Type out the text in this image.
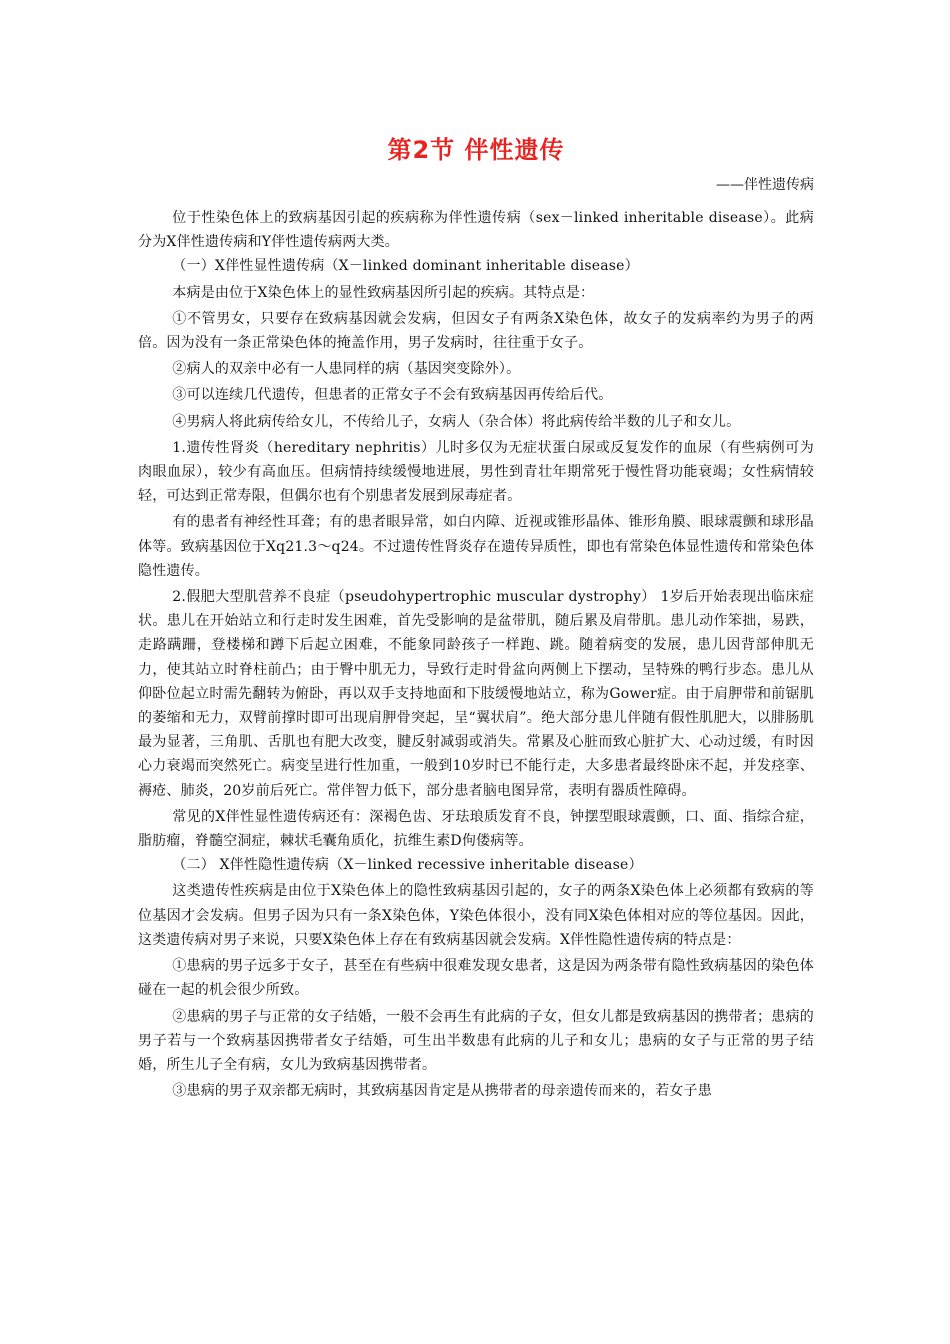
第2节 伴性遗传
——伴性遗传病

位于性染色体上的致病基因引起的疾病称为伴性遗传病（sex－linked inheritable disease）。此病分为X伴性遗传病和Y伴性遗传病两大类。

（一）X伴性显性遗传病（X－linked dominant inheritable disease）

本病是由位于X染色体上的显性致病基因所引起的疾病。其特点是：

①不管男女，只要存在致病基因就会发病，但因女子有两条X染色体，故女子的发病率约为男子的两倍。因为没有一条正常染色体的掩盖作用，男子发病时，往往重于女子。

②病人的双亲中必有一人患同样的病（基因突变除外）。

③可以连续几代遗传，但患者的正常女子不会有致病基因再传给后代。

④男病人将此病传给女儿，不传给儿子，女病人（杂合体）将此病传给半数的儿子和女儿。

1.遗传性肾炎（hereditary nephritis）儿时多仅为无症状蛋白尿或反复发作的血尿（有些病例可为肉眼血尿），较少有高血压。但病情持续缓慢地进展，男性到青壮年期常死于慢性肾功能衰竭；女性病情较轻，可达到正常寿限，但偶尔也有个别患者发展到尿毒症者。

有的患者有神经性耳聋；有的患者眼异常，如白内障、近视或锥形晶体、锥形角膜、眼球震颤和球形晶体等。致病基因位于Xq21.3～q24。不过遗传性肾炎存在遗传异质性，即也有常染色体显性遗传和常染色体隐性遗传。

2.假肥大型肌营养不良症（pseudohypertrophic muscular dystrophy） 1岁后开始表现出临床症状。患儿在开始站立和行走时发生困难，首先受影响的是盆带肌，随后累及肩带肌。患儿动作笨拙，易跌，走路蹒跚，登楼梯和蹲下后起立困难，不能象同龄孩子一样跑、跳。随着病变的发展，患儿因背部伸肌无力，使其站立时脊柱前凸；由于臀中肌无力，导致行走时骨盆向两侧上下摆动，呈特殊的鸭行步态。患儿从仰卧位起立时需先翻转为俯卧，再以双手支持地面和下肢缓慢地站立，称为Gower症。由于肩胛带和前锯肌的萎缩和无力，双臂前撑时即可出现肩胛骨突起，呈“翼状肩”。绝大部分患儿伴随有假性肌肥大，以腓肠肌最为显著，三角肌、舌肌也有肥大改变，腱反射减弱或消失。常累及心脏而致心脏扩大、心动过缓，有时因心力衰竭而突然死亡。病变呈进行性加重，一般到10岁时已不能行走，大多患者最终卧床不起，并发痉挛、褥疮、肺炎，20岁前后死亡。常伴智力低下，部分患者脑电图异常，表明有器质性障碍。

常见的X伴性显性遗传病还有：深褐色齿、牙珐琅质发育不良，钟摆型眼球震颤，口、面、指综合症，脂肪瘤，脊髓空洞症，棘状毛囊角质化，抗维生素D佝偻病等。

（二） X伴性隐性遗传病（X－linked recessive inheritable disease）

这类遗传性疾病是由位于X染色体上的隐性致病基因引起的，女子的两条X染色体上必须都有致病的等位基因才会发病。但男子因为只有一条X染色体，Y染色体很小，没有同X染色体相对应的等位基因。因此，这类遗传病对男子来说，只要X染色体上存在有致病基因就会发病。X伴性隐性遗传病的特点是：

①患病的男子远多于女子，甚至在有些病中很难发现女患者，这是因为两条带有隐性致病基因的染色体碰在一起的机会很少所致。

②患病的男子与正常的女子结婚，一般不会再生有此病的子女，但女儿都是致病基因的携带者；患病的男子若与一个致病基因携带者女子结婚，可生出半数患有此病的儿子和女儿；患病的女子与正常的男子结婚，所生儿子全有病，女儿为致病基因携带者。

③患病的男子双亲都无病时，其致病基因肯定是从携带者的母亲遗传而来的，若女子患
